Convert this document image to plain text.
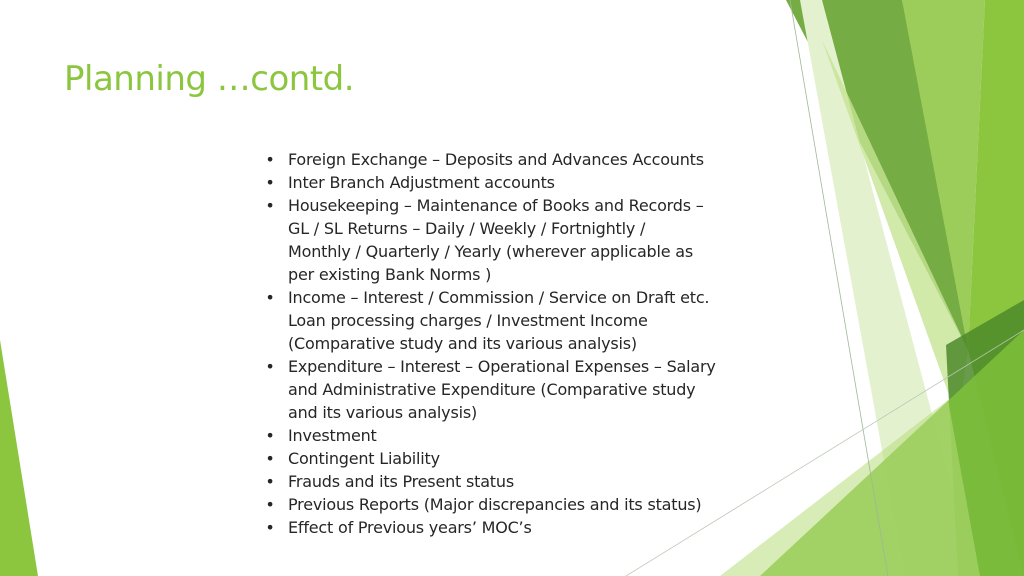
Planning …contd.
• Foreign Exchange – Deposits and Advances Accounts
• Inter Branch Adjustment accounts
• Housekeeping – Maintenance of Books and Records –
GL / SL Returns – Daily / Weekly / Fortnightly /
Monthly / Quarterly / Yearly (wherever applicable as
per existing Bank Norms )
• Income – Interest / Commission / Service on Draft etc.
Loan processing charges / Investment Income
(Comparative study and its various analysis)
• Expenditure – Interest – Operational Expenses – Salary
and Administrative Expenditure (Comparative study
and its various analysis)
• Investment
• Contingent Liability
• Frauds and its Present status
• Previous Reports (Major discrepancies and its status)
• Effect of Previous years’ MOC’s
